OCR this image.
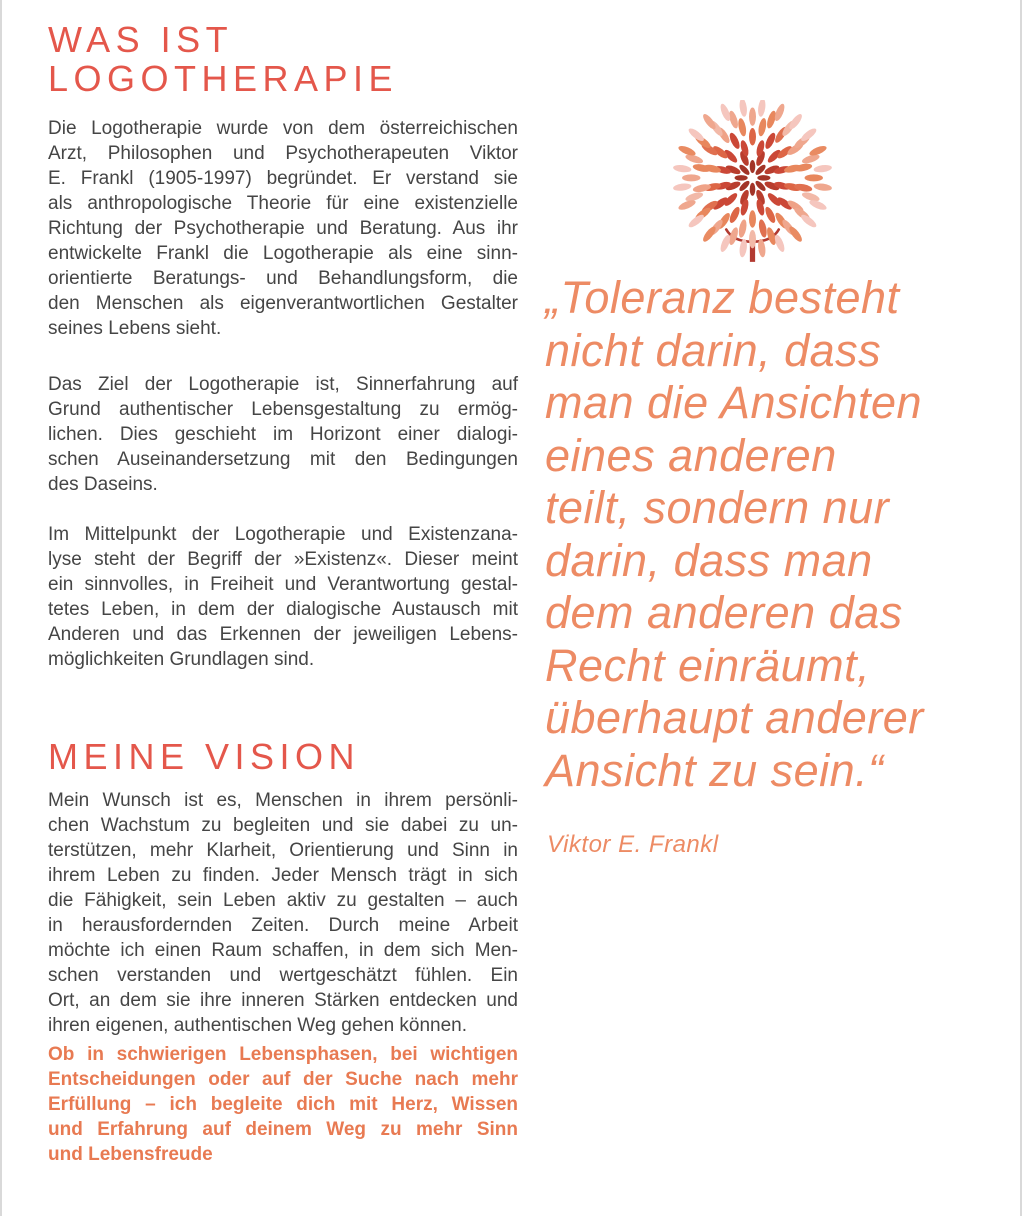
WAS IST
LOGOTHERAPIE
Die Logotherapie wurde von dem österreichischen
Arzt, Philosophen und Psychotherapeuten Viktor
E. Frankl (1905-1997) begründet. Er verstand sie
als anthropologische Theorie für eine existenzielle
Richtung der Psychotherapie und Beratung. Aus ihr
entwickelte Frankl die Logotherapie als eine sinn-
orientierte Beratungs- und Behandlungsform, die
den Menschen als eigenverantwortlichen Gestalter
seines Lebens sieht.
Das Ziel der Logotherapie ist, Sinnerfahrung auf
Grund authentischer Lebensgestaltung zu ermög-
lichen. Dies geschieht im Horizont einer dialogi-
schen Auseinandersetzung mit den Bedingungen
des Daseins.
Im Mittelpunkt der Logotherapie und Existenzana-
lyse steht der Begriff der »Existenz«. Dieser meint
ein sinnvolles, in Freiheit und Verantwortung gestal-
tetes Leben, in dem der dialogische Austausch mit
Anderen und das Erkennen der jeweiligen Lebens-
möglichkeiten Grundlagen sind.
MEINE VISION
Mein Wunsch ist es, Menschen in ihrem persönli-
chen Wachstum zu begleiten und sie dabei zu un-
terstützen, mehr Klarheit, Orientierung und Sinn in
ihrem Leben zu finden. Jeder Mensch trägt in sich
die Fähigkeit, sein Leben aktiv zu gestalten – auch
in herausfordernden Zeiten. Durch meine Arbeit
möchte ich einen Raum schaffen, in dem sich Men-
schen verstanden und wertgeschätzt fühlen. Ein
Ort, an dem sie ihre inneren Stärken entdecken und
ihren eigenen, authentischen Weg gehen können.
Ob in schwierigen Lebensphasen, bei wichtigen
Entscheidungen oder auf der Suche nach mehr
Erfüllung – ich begleite dich mit Herz, Wissen
und Erfahrung auf deinem Weg zu mehr Sinn
und Lebensfreude
„Toleranz besteht
nicht darin, dass
man die Ansichten
eines anderen
teilt, sondern nur
darin, dass man
dem anderen das
Recht einräumt,
überhaupt anderer
Ansicht zu sein.“
Viktor E. Frankl
